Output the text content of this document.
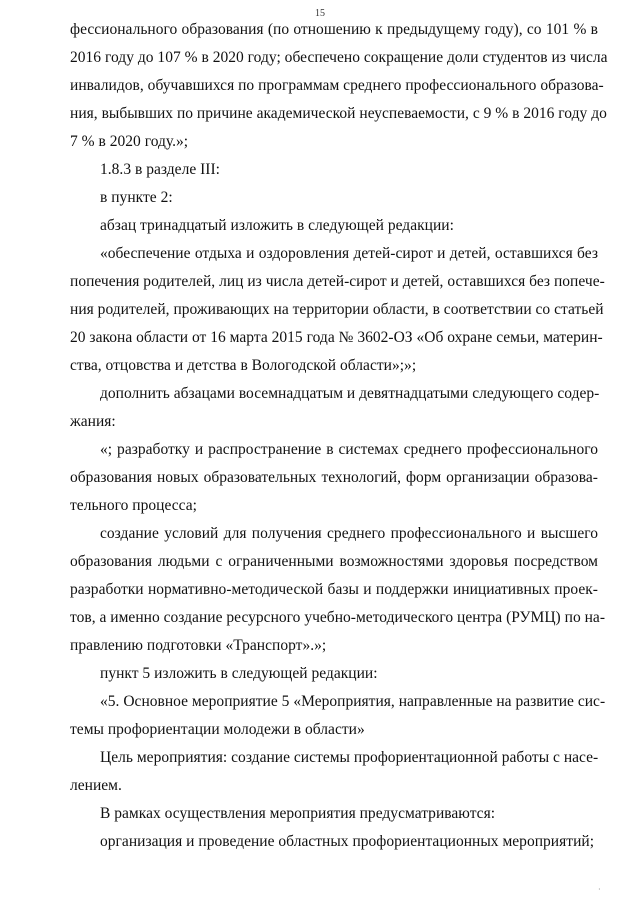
15
фессионального образования (по отношению к предыдущему году), со 101 % в
2016 году до 107 % в 2020 году; обеспечено сокращение доли студентов из числа
инвалидов, обучавшихся по программам среднего профессионального образова-
ния, выбывших по причине академической неуспеваемости, с 9 % в 2016 году до
7 % в 2020 году.»;
1.8.3 в разделе III:
в пункте 2:
абзац тринадцатый изложить в следующей редакции:
«обеспечение отдыха и оздоровления детей-сирот и детей, оставшихся без
попечения родителей, лиц из числа детей-сирот и детей, оставшихся без попече-
ния родителей, проживающих на территории области, в соответствии со статьей
20 закона области от 16 марта 2015 года № 3602-ОЗ «Об охране семьи, материн-
ства, отцовства и детства в Вологодской области»;»;
дополнить абзацами восемнадцатым и девятнадцатыми следующего содер-
жания:
«; разработку и распространение в системах среднего профессионального
образования новых образовательных технологий, форм организации образова-
тельного процесса;
создание условий для получения среднего профессионального и высшего
образования людьми с ограниченными возможностями здоровья посредством
разработки нормативно-методической базы и поддержки инициативных проек-
тов, а именно создание ресурсного учебно-методического центра (РУМЦ) по на-
правлению подготовки «Транспорт».»;
пункт 5 изложить в следующей редакции:
«5. Основное мероприятие 5 «Мероприятия, направленные на развитие сис-
темы профориентации молодежи в области»
Цель мероприятия: создание системы профориентационной работы с насе-
лением.
В рамках осуществления мероприятия предусматриваются:
организация и проведение областных профориентационных мероприятий;
·
